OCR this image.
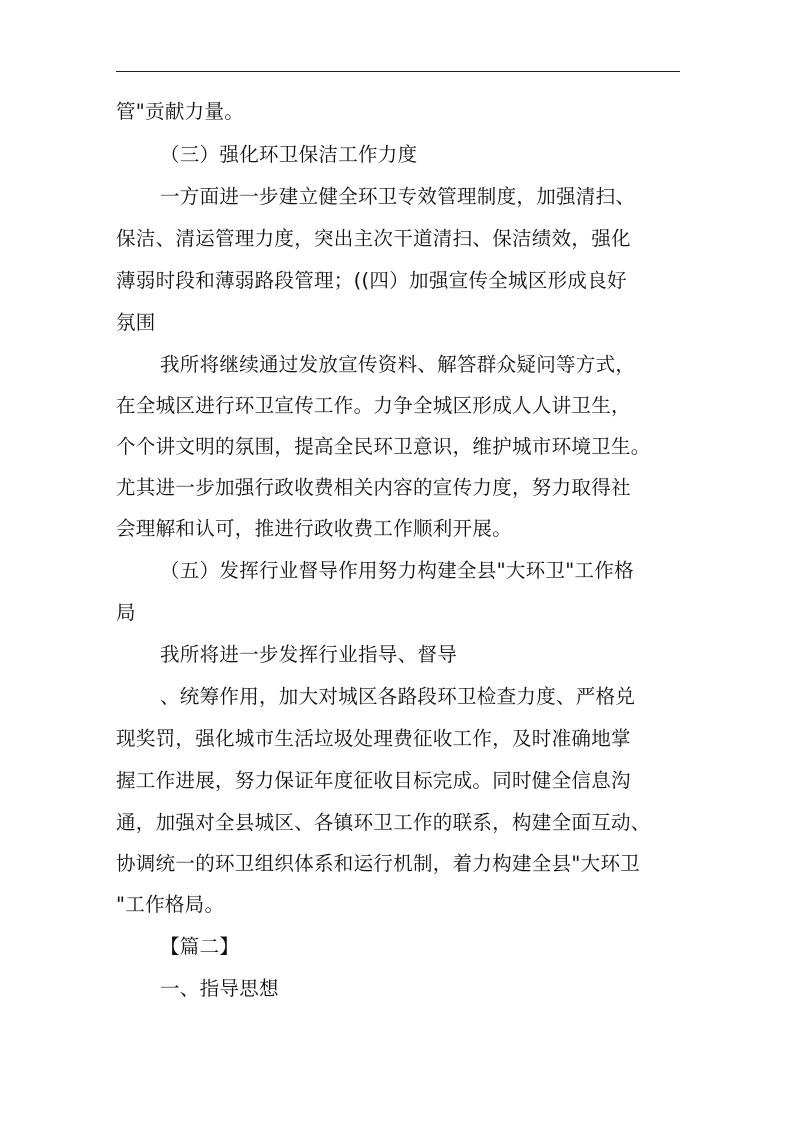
管"贡献力量。
（三）强化环卫保洁工作力度
一方面进一步建立健全环卫专效管理制度，加强清扫、
保洁、清运管理力度，突出主次干道清扫、保洁绩效，强化
薄弱时段和薄弱路段管理；((四）加强宣传全城区形成良好
氛围
我所将继续通过发放宣传资料、解答群众疑问等方式，
在全城区进行环卫宣传工作。力争全城区形成人人讲卫生，
个个讲文明的氛围，提高全民环卫意识，维护城市环境卫生。
尤其进一步加强行政收费相关内容的宣传力度，努力取得社
会理解和认可，推进行政收费工作顺利开展。
（五）发挥行业督导作用努力构建全县"大环卫"工作格
局
我所将进一步发挥行业指导、督导
、统筹作用，加大对城区各路段环卫检查力度、严格兑
现奖罚，强化城市生活垃圾处理费征收工作，及时准确地掌
握工作进展，努力保证年度征收目标完成。同时健全信息沟
通，加强对全县城区、各镇环卫工作的联系，构建全面互动、
协调统一的环卫组织体系和运行机制，着力构建全县"大环卫
"工作格局。
【篇二】
一、指导思想
